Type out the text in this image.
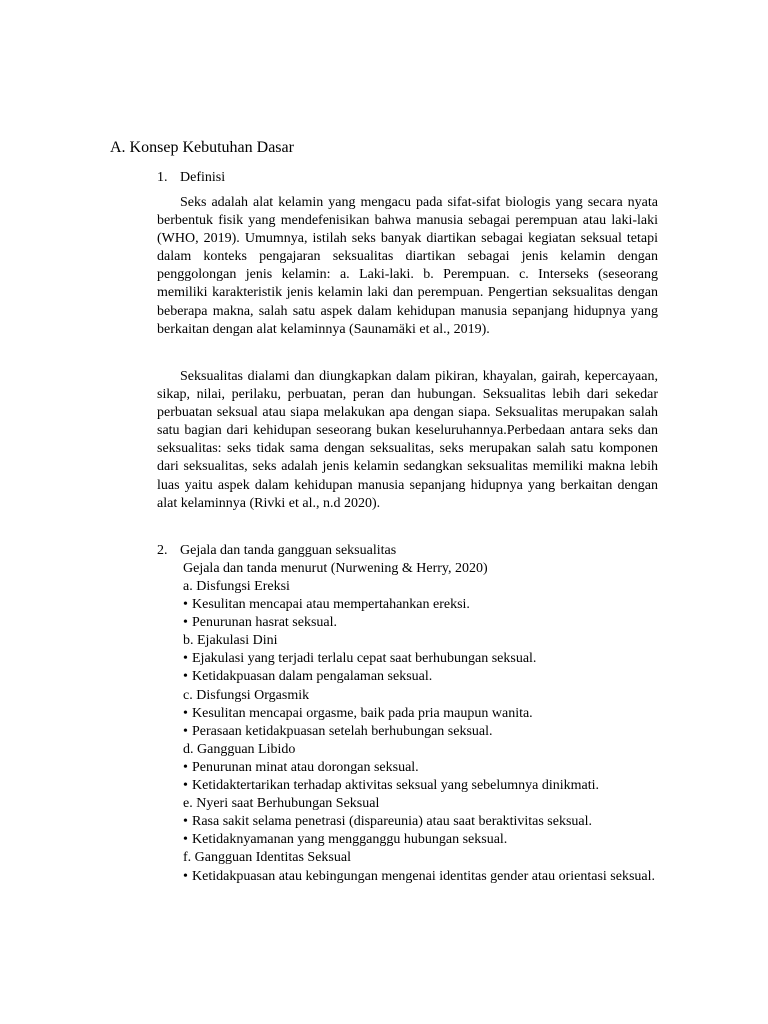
A. Konsep Kebutuhan Dasar
1. Definisi

Seks adalah alat kelamin yang mengacu pada sifat-sifat biologis yang secara nyata berbentuk fisik yang mendefenisikan bahwa manusia sebagai perempuan atau laki-laki (WHO, 2019). Umumnya, istilah seks banyak diartikan sebagai kegiatan seksual tetapi dalam konteks pengajaran seksualitas diartikan sebagai jenis kelamin dengan penggolongan jenis kelamin: a. Laki-laki. b. Perempuan. c. Interseks (seseorang memiliki karakteristik jenis kelamin laki dan perempuan. Pengertian seksualitas dengan beberapa makna, salah satu aspek dalam kehidupan manusia sepanjang hidupnya yang berkaitan dengan alat kelaminnya (Saunamäki et al., 2019).

Seksualitas dialami dan diungkapkan dalam pikiran, khayalan, gairah, kepercayaan, sikap, nilai, perilaku, perbuatan, peran dan hubungan. Seksualitas lebih dari sekedar perbuatan seksual atau siapa melakukan apa dengan siapa. Seksualitas merupakan salah satu bagian dari kehidupan seseorang bukan keseluruhannya.Perbedaan antara seks dan seksualitas: seks tidak sama dengan seksualitas, seks merupakan salah satu komponen dari seksualitas, seks adalah jenis kelamin sedangkan seksualitas memiliki makna lebih luas yaitu aspek dalam kehidupan manusia sepanjang hidupnya yang berkaitan dengan alat kelaminnya (Rivki et al., n.d 2020).

2. Gejala dan tanda gangguan seksualitas
Gejala dan tanda menurut (Nurwening & Herry, 2020)
a. Disfungsi Ereksi
• Kesulitan mencapai atau mempertahankan ereksi.
• Penurunan hasrat seksual.
b. Ejakulasi Dini
• Ejakulasi yang terjadi terlalu cepat saat berhubungan seksual.
• Ketidakpuasan dalam pengalaman seksual.
c. Disfungsi Orgasmik
• Kesulitan mencapai orgasme, baik pada pria maupun wanita.
• Perasaan ketidakpuasan setelah berhubungan seksual.
d. Gangguan Libido
• Penurunan minat atau dorongan seksual.
• Ketidaktertarikan terhadap aktivitas seksual yang sebelumnya dinikmati.
e. Nyeri saat Berhubungan Seksual
• Rasa sakit selama penetrasi (dispareunia) atau saat beraktivitas seksual.
• Ketidaknyamanan yang mengganggu hubungan seksual.
f. Gangguan Identitas Seksual
• Ketidakpuasan atau kebingungan mengenai identitas gender atau orientasi seksual.
